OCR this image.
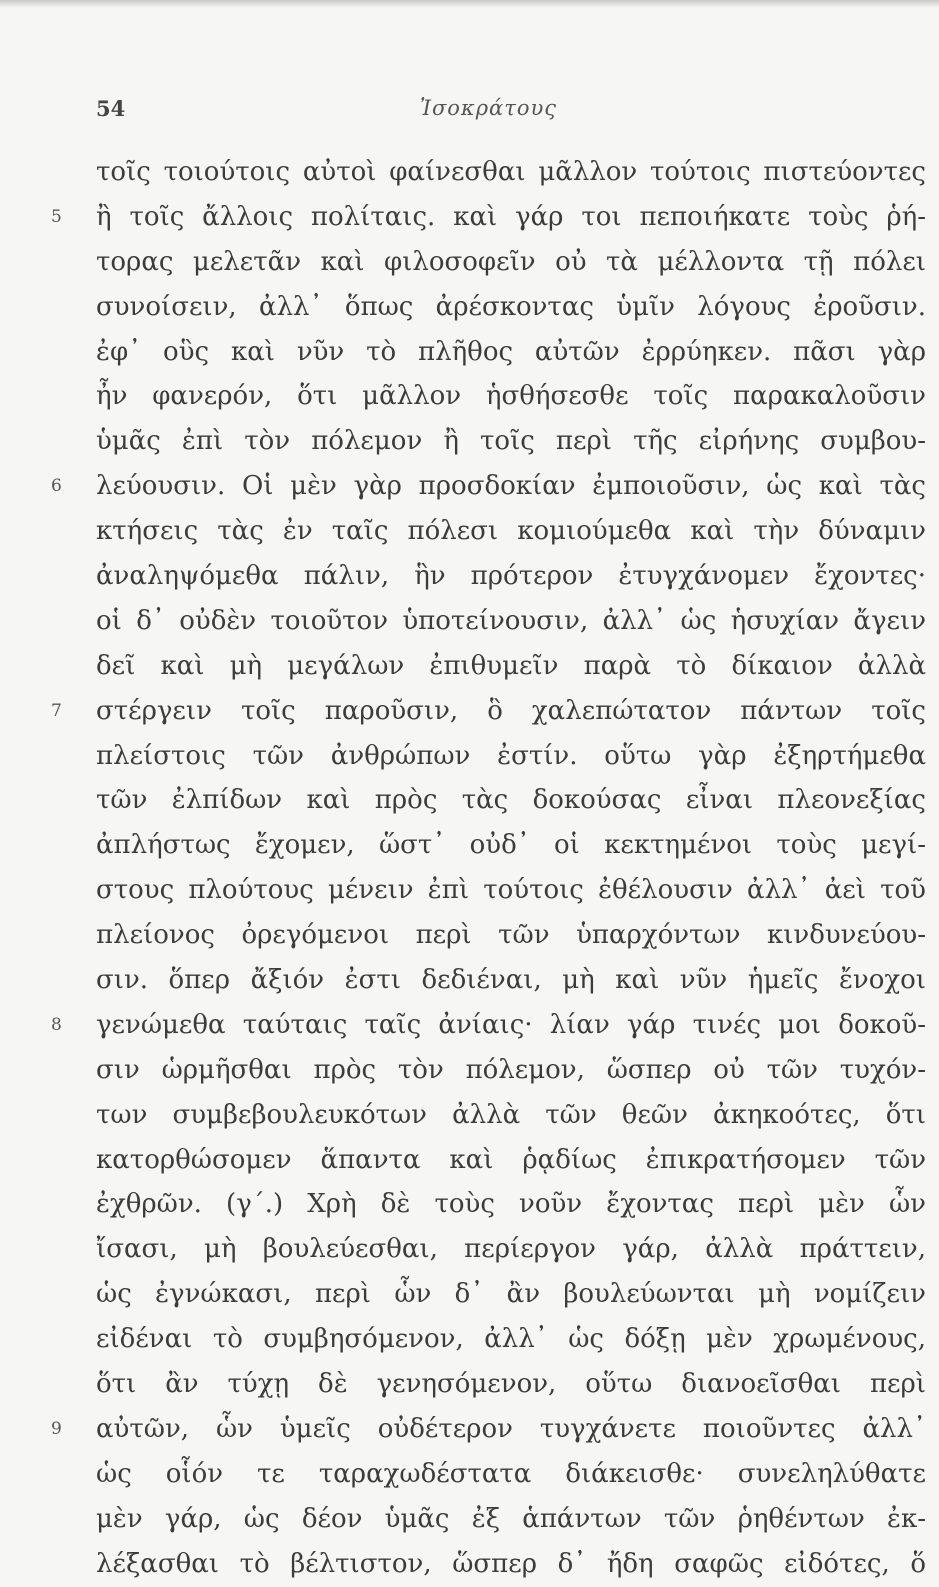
54	Ἰσοκράτους
τοῖς τοιούτοις αὐτοὶ φαίνεσθαι μᾶλλον τούτοις πιστεύοντες
5 ἢ τοῖς ἄλλοις πολίταις. καὶ γάρ τοι πεποιήκατε τοὺς ῥή-
τορας μελετᾶν καὶ φιλοσοφεῖν οὐ τὰ μέλλοντα τῇ πόλει
συνοίσειν, ἀλλ᾽ ὅπως ἀρέσκοντας ὑμῖν λόγους ἐροῦσιν.
ἐφ᾽ οὓς καὶ νῦν τὸ πλῆθος αὐτῶν ἐρρύηκεν. πᾶσι γὰρ
ἦν φανερόν, ὅτι μᾶλλον ἡσθήσεσθε τοῖς παρακαλοῦσιν
ὑμᾶς ἐπὶ τὸν πόλεμον ἢ τοῖς περὶ τῆς εἰρήνης συμβου-
6 λεύουσιν. Οἱ μὲν γὰρ προσδοκίαν ἐμποιοῦσιν, ὡς καὶ τὰς
κτήσεις τὰς ἐν ταῖς πόλεσι κομιούμεθα καὶ τὴν δύναμιν
ἀναληψόμεθα πάλιν, ἣν πρότερον ἐτυγχάνομεν ἔχοντες·
οἱ δ᾽ οὐδὲν τοιοῦτον ὑποτείνουσιν, ἀλλ᾽ ὡς ἡσυχίαν ἄγειν
δεῖ καὶ μὴ μεγάλων ἐπιθυμεῖν παρὰ τὸ δίκαιον ἀλλὰ
7 στέργειν τοῖς παροῦσιν, ὃ χαλεπώτατον πάντων τοῖς
πλείστοις τῶν ἀνθρώπων ἐστίν. οὕτω γὰρ ἐξηρτήμεθα
τῶν ἐλπίδων καὶ πρὸς τὰς δοκούσας εἶναι πλεονεξίας
ἀπλήστως ἔχομεν, ὥστ᾽ οὐδ᾽ οἱ κεκτημένοι τοὺς μεγί-
στους πλούτους μένειν ἐπὶ τούτοις ἐθέλουσιν ἀλλ᾽ ἀεὶ τοῦ
πλείονος ὀρεγόμενοι περὶ τῶν ὑπαρχόντων κινδυνεύου-
σιν. ὅπερ ἄξιόν ἐστι δεδιέναι, μὴ καὶ νῦν ἡμεῖς ἔνοχοι
8 γενώμεθα ταύταις ταῖς ἀνίαις· λίαν γάρ τινές μοι δοκοῦ-
σιν ὡρμῆσθαι πρὸς τὸν πόλεμον, ὥσπερ οὐ τῶν τυχόν-
των συμβεβουλευκότων ἀλλὰ τῶν θεῶν ἀκηκοότες, ὅτι
κατορθώσομεν ἅπαντα καὶ ῥᾳδίως ἐπικρατήσομεν τῶν
ἐχθρῶν. (γ΄.) Χρὴ δὲ τοὺς νοῦν ἔχοντας περὶ μὲν ὧν
ἴσασι, μὴ βουλεύεσθαι, περίεργον γάρ, ἀλλὰ πράττειν,
ὡς ἐγνώκασι, περὶ ὧν δ᾽ ἂν βουλεύωνται μὴ νομίζειν
εἰδέναι τὸ συμβησόμενον, ἀλλ᾽ ὡς δόξῃ μὲν χρωμένους,
ὅτι ἂν τύχῃ δὲ γενησόμενον, οὕτω διανοεῖσθαι περὶ
9 αὐτῶν, ὧν ὑμεῖς οὐδέτερον τυγχάνετε ποιοῦντες ἀλλ᾽
ὡς οἷόν τε ταραχωδέστατα διάκεισθε· συνεληλύθατε
μὲν γάρ, ὡς δέον ὑμᾶς ἐξ ἁπάντων τῶν ῥηθέντων ἐκ-
λέξασθαι τὸ βέλτιστον, ὥσπερ δ᾽ ἤδη σαφῶς εἰδότες, ὅ
